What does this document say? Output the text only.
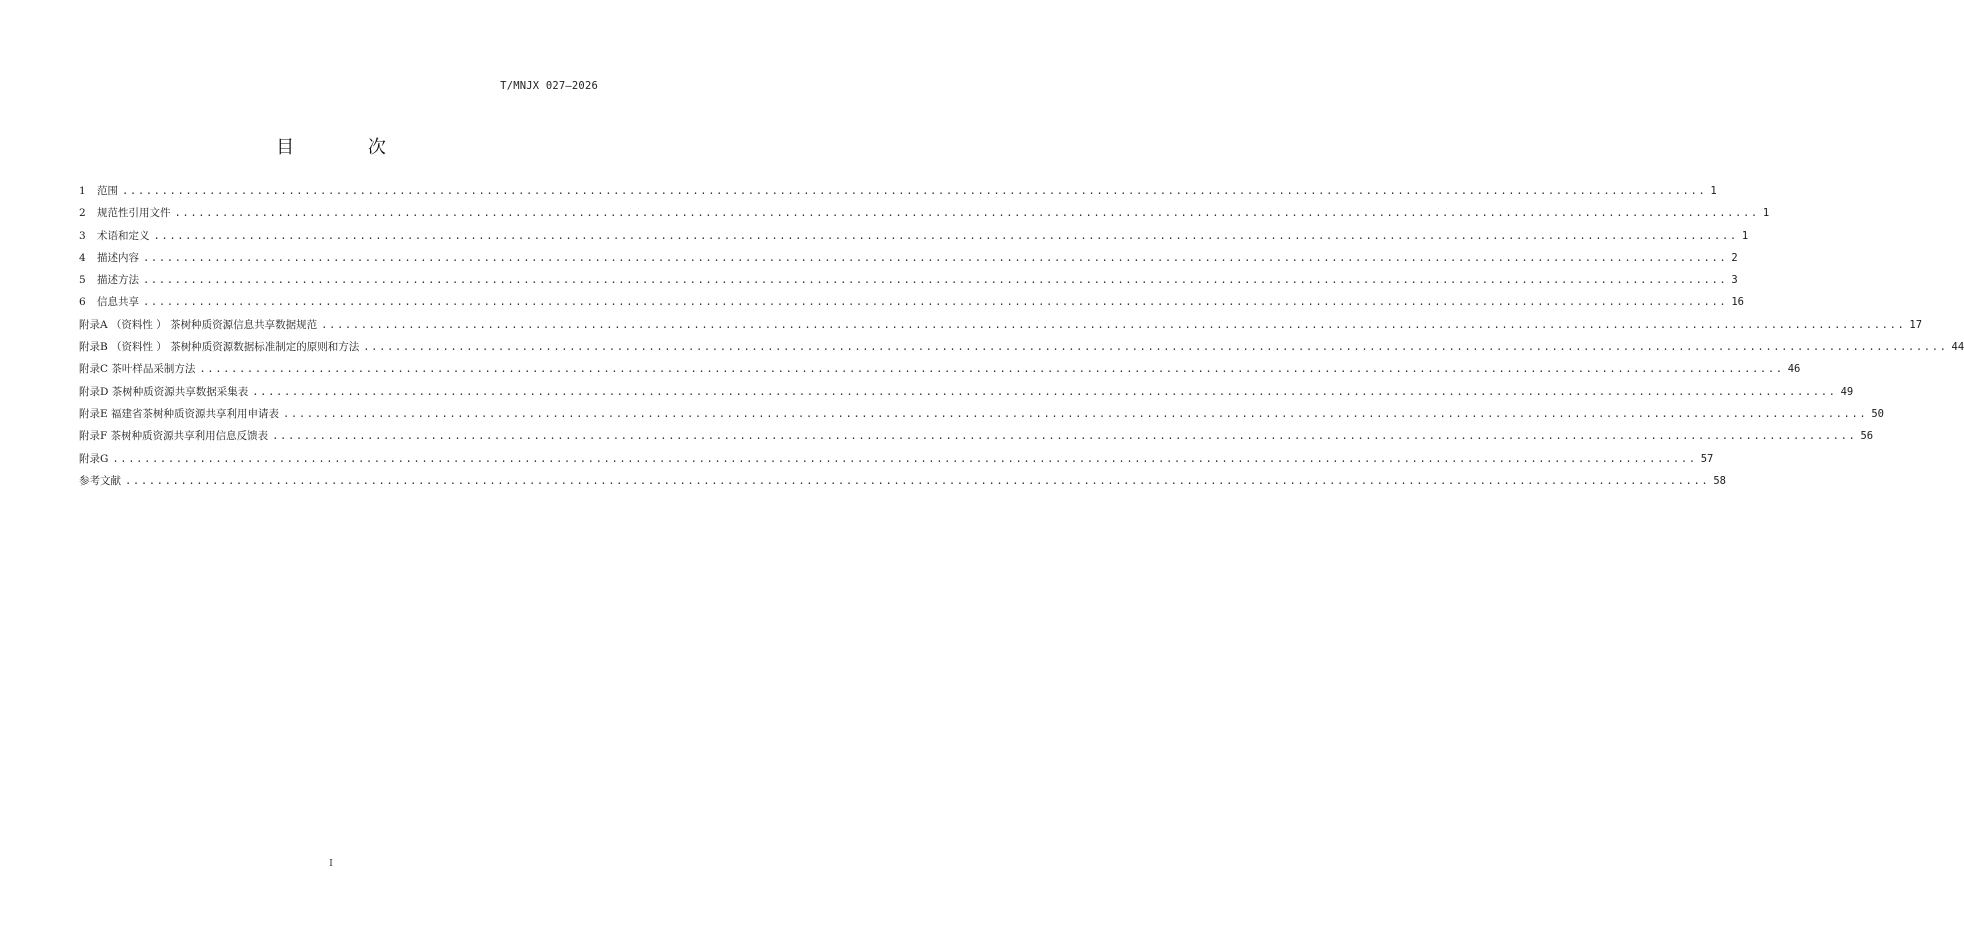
T/MNJX 027—2026
目 次
1	范围 ........................................................................................................................................................................................................ 1
2	规范性引用文件 ........................................................................................................................................................................................................ 1
3	术语和定义 ........................................................................................................................................................................................................ 1
4	描述内容 ........................................................................................................................................................................................................ 2
5	描述方法 ........................................................................................................................................................................................................ 3
6	信息共享 ........................................................................................................................................................................................................ 16
附录A （资料性 ） 茶树种质资源信息共享数据规范 ........................................................................................................................................................................................................ 17
附录B （资料性 ） 茶树种质资源数据标准制定的原则和方法 ........................................................................................................................................................................................................ 44
附录C 茶叶样品采制方法 ........................................................................................................................................................................................................ 46
附录D 茶树种质资源共享数据采集表 ........................................................................................................................................................................................................ 49
附录E 福建省茶树种质资源共享利用申请表 ........................................................................................................................................................................................................ 50
附录F 茶树种质资源共享利用信息反馈表 ........................................................................................................................................................................................................ 56
附录G ........................................................................................................................................................................................................ 57
参考文献 ........................................................................................................................................................................................................ 58
I
